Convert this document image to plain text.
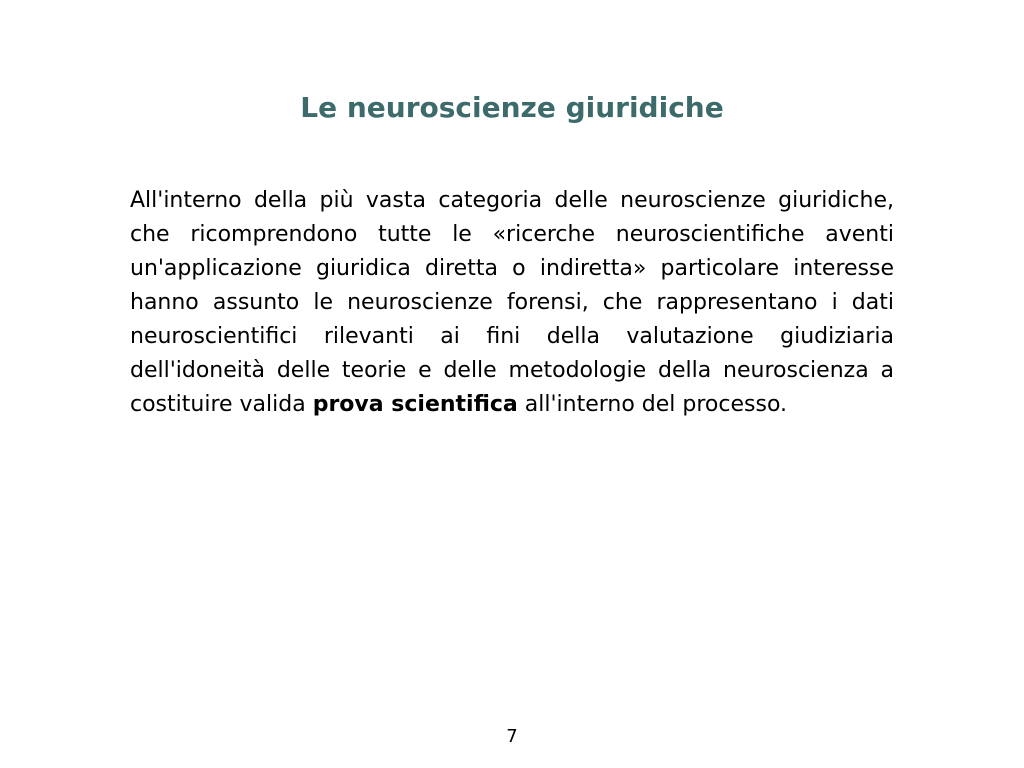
Le neuroscienze giuridiche

All'interno della più vasta categoria delle neuroscienze giuridiche, che ricomprendono tutte le «ricerche neuroscientifiche aventi un'applicazione giuridica diretta o indiretta» particolare interesse hanno assunto le neuroscienze forensi, che rappresentano i dati neuroscientifici rilevanti ai fini della valutazione giudiziaria dell'idoneità delle teorie e delle metodologie della neuroscienza a costituire valida prova scientifica all'interno del processo.

7
